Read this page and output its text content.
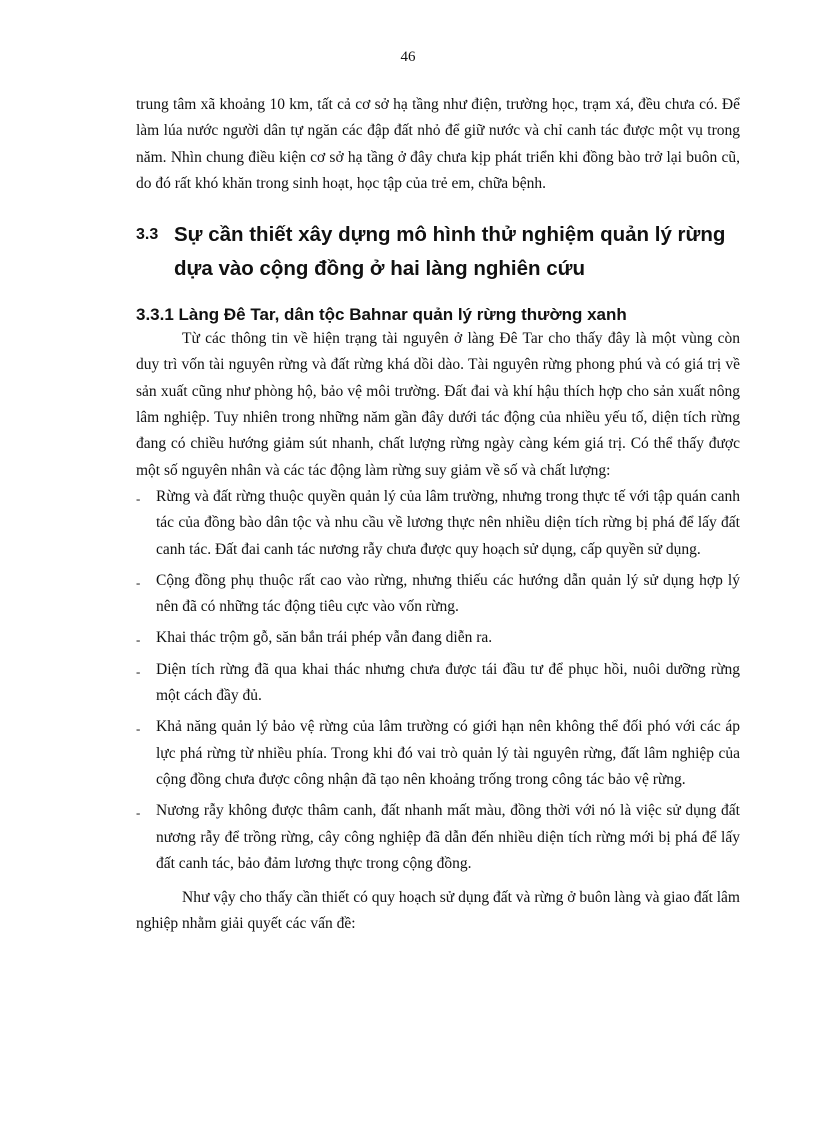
46

trung tâm xã khoảng 10 km, tất cả cơ sở hạ tầng như điện, trường học, trạm xá, đều chưa có. Để làm lúa nước người dân tự ngăn các đập đất nhỏ để giữ nước và chỉ canh tác được một vụ trong năm. Nhìn chung điều kiện cơ sở hạ tầng ở đây chưa kịp phát triển khi đồng bào trở lại buôn cũ, do đó rất khó khăn trong sinh hoạt, học tập của trẻ em, chữa bệnh.

3.3 Sự cần thiết xây dựng mô hình thử nghiệm quản lý rừng dựa vào cộng đồng ở hai làng nghiên cứu
3.3.1 Làng Đê Tar, dân tộc Bahnar quản lý rừng thường xanh

Từ các thông tin về hiện trạng tài nguyên ở làng Đê Tar cho thấy đây là một vùng còn duy trì vốn tài nguyên rừng và đất rừng khá dồi dào. Tài nguyên rừng phong phú và có giá trị về sản xuất cũng như phòng hộ, bảo vệ môi trường. Đất đai và khí hậu thích hợp cho sản xuất nông lâm nghiệp. Tuy nhiên trong những năm gần đây dưới tác động của nhiều yếu tố, diện tích rừng đang có chiều hướng giảm sút nhanh, chất lượng rừng ngày càng kém giá trị. Có thể thấy được một số nguyên nhân và các tác động làm rừng suy giảm về số và chất lượng:

- Rừng và đất rừng thuộc quyền quản lý của lâm trường, nhưng trong thực tế với tập quán canh tác của đồng bào dân tộc và nhu cầu về lương thực nên nhiều diện tích rừng bị phá để lấy đất canh tác. Đất đai canh tác nương rẫy chưa được quy hoạch sử dụng, cấp quyền sử dụng.
- Cộng đồng phụ thuộc rất cao vào rừng, nhưng thiếu các hướng dẫn quản lý sử dụng hợp lý nên đã có những tác động tiêu cực vào vốn rừng.
- Khai thác trộm gỗ, săn bắn trái phép vẫn đang diễn ra.
- Diện tích rừng đã qua khai thác nhưng chưa được tái đầu tư để phục hồi, nuôi dưỡng rừng một cách đầy đủ.
- Khả năng quản lý bảo vệ rừng của lâm trường có giới hạn nên không thể đối phó với các áp lực phá rừng từ nhiều phía. Trong khi đó vai trò quản lý tài nguyên rừng, đất lâm nghiệp của cộng đồng chưa được công nhận đã tạo nên khoảng trống trong công tác bảo vệ rừng.
- Nương rẫy không được thâm canh, đất nhanh mất màu, đồng thời với nó là việc sử dụng đất nương rẫy để trồng rừng, cây công nghiệp đã dẫn đến nhiều diện tích rừng mới bị phá để lấy đất canh tác, bảo đảm lương thực trong cộng đồng.

Như vậy cho thấy cần thiết có quy hoạch sử dụng đất và rừng ở buôn làng và giao đất lâm nghiệp nhằm giải quyết các vấn đề:
